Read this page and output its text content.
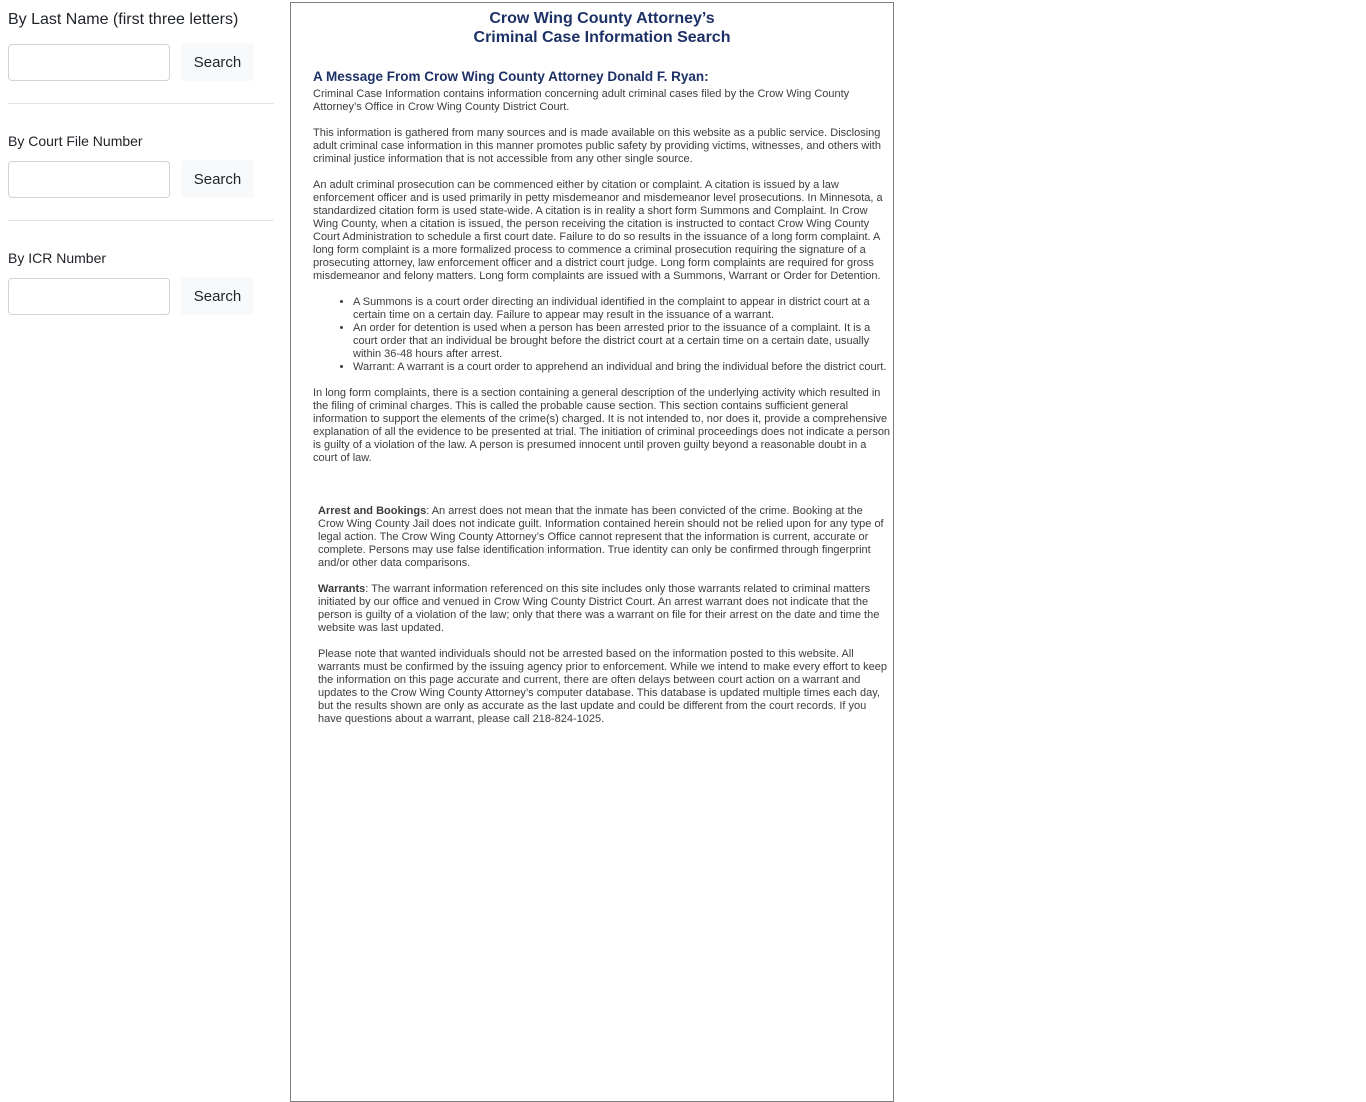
By Last Name (first three letters)
Search
By Court File Number
Search
By ICR Number
Search
Crow Wing County Attorney’s
Criminal Case Information Search
A Message From Crow Wing County Attorney Donald F. Ryan:

Criminal Case Information contains information concerning adult criminal cases filed by the Crow Wing County Attorney’s Office in Crow Wing County District Court.

This information is gathered from many sources and is made available on this website as a public service. Disclosing adult criminal case information in this manner promotes public safety by providing victims, witnesses, and others with criminal justice information that is not accessible from any other single source.

An adult criminal prosecution can be commenced either by citation or complaint. A citation is issued by a law enforcement officer and is used primarily in petty misdemeanor and misdemeanor level prosecutions. In Minnesota, a standardized citation form is used state-wide. A citation is in reality a short form Summons and Complaint. In Crow Wing County, when a citation is issued, the person receiving the citation is instructed to contact Crow Wing County Court Administration to schedule a first court date. Failure to do so results in the issuance of a long form complaint. A long form complaint is a more formalized process to commence a criminal prosecution requiring the signature of a prosecuting attorney, law enforcement officer and a district court judge. Long form complaints are required for gross misdemeanor and felony matters. Long form complaints are issued with a Summons, Warrant or Order for Detention.

• A Summons is a court order directing an individual identified in the complaint to appear in district court at a certain time on a certain day. Failure to appear may result in the issuance of a warrant.
• An order for detention is used when a person has been arrested prior to the issuance of a complaint. It is a court order that an individual be brought before the district court at a certain time on a certain date, usually within 36-48 hours after arrest.
• Warrant: A warrant is a court order to apprehend an individual and bring the individual before the district court.

In long form complaints, there is a section containing a general description of the underlying activity which resulted in the filing of criminal charges. This is called the probable cause section. This section contains sufficient general information to support the elements of the crime(s) charged. It is not intended to, nor does it, provide a comprehensive explanation of all the evidence to be presented at trial. The initiation of criminal proceedings does not indicate a person is guilty of a violation of the law. A person is presumed innocent until proven guilty beyond a reasonable doubt in a court of law.

Arrest and Bookings: An arrest does not mean that the inmate has been convicted of the crime. Booking at the Crow Wing County Jail does not indicate guilt. Information contained herein should not be relied upon for any type of legal action. The Crow Wing County Attorney’s Office cannot represent that the information is current, accurate or complete. Persons may use false identification information. True identity can only be confirmed through fingerprint and/or other data comparisons.

Warrants: The warrant information referenced on this site includes only those warrants related to criminal matters initiated by our office and venued in Crow Wing County District Court. An arrest warrant does not indicate that the person is guilty of a violation of the law; only that there was a warrant on file for their arrest on the date and time the website was last updated.

Please note that wanted individuals should not be arrested based on the information posted to this website. All warrants must be confirmed by the issuing agency prior to enforcement. While we intend to make every effort to keep the information on this page accurate and current, there are often delays between court action on a warrant and updates to the Crow Wing County Attorney’s computer database. This database is updated multiple times each day, but the results shown are only as accurate as the last update and could be different from the court records. If you have questions about a warrant, please call 218-824-1025.
